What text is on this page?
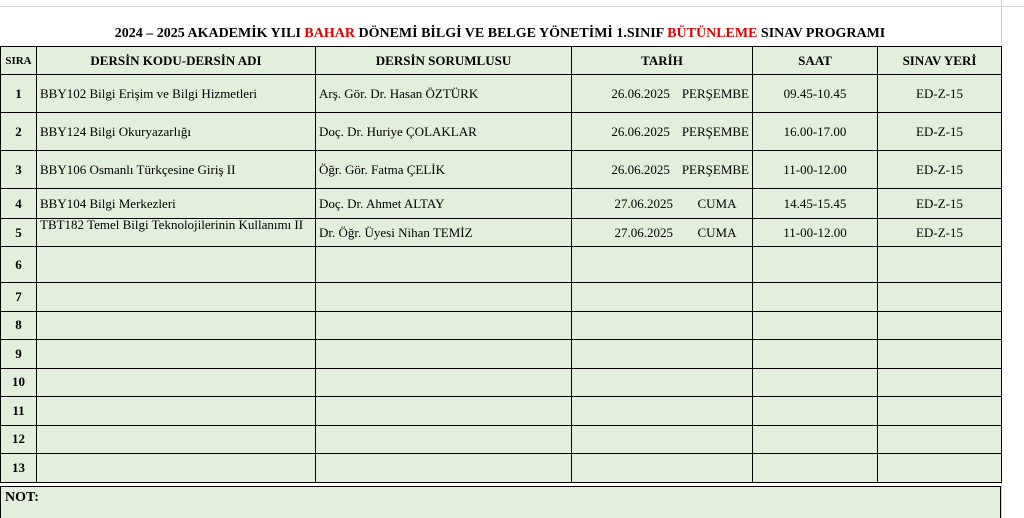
2024 – 2025 AKADEMİK YILI BAHAR DÖNEMİ BİLGİ VE BELGE YÖNETİMİ 1.SINIF BÜTÜNLEME SINAV PROGRAMI
SIRA	DERSİN KODU-DERSİN ADI	DERSİN SORUMLUSU	TARİH	SAAT	SINAV YERİ
1	BBY102 Bilgi Erişim ve Bilgi Hizmetleri	Arş. Gör. Dr. Hasan ÖZTÜRK	26.06.2025 PERŞEMBE	09.45-10.45	ED-Z-15
2	BBY124 Bilgi Okuryazarlığı	Doç. Dr. Huriye ÇOLAKLAR	26.06.2025 PERŞEMBE	16.00-17.00	ED-Z-15
3	BBY106 Osmanlı Türkçesine Giriş II	Öğr. Gör. Fatma ÇELİK	26.06.2025 PERŞEMBE	11-00-12.00	ED-Z-15
4	BBY104 Bilgi Merkezleri	Doç. Dr. Ahmet ALTAY	27.06.2025 CUMA	14.45-15.45	ED-Z-15
5	TBT182 Temel Bilgi Teknolojilerinin Kullanımı II	Dr. Öğr. Üyesi Nihan TEMİZ	27.06.2025 CUMA	11-00-12.00	ED-Z-15
6					
7					
8					
9					
10					
11					
12					
13					
NOT:
